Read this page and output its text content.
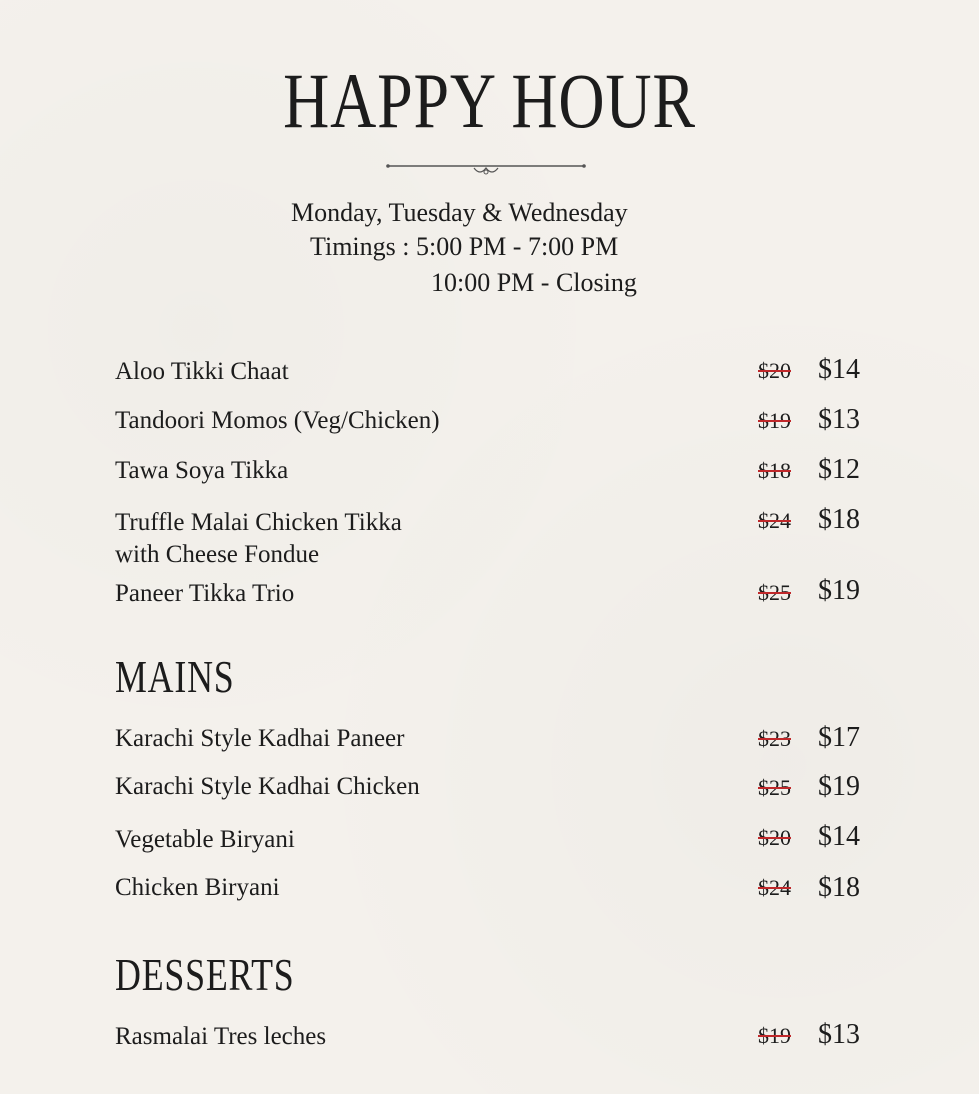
HAPPY HOUR
Monday, Tuesday & Wednesday
Timings : 5:00 PM - 7:00 PM
10:00 PM - Closing
Aloo Tikki Chaat	$20 $14
Tandoori Momos (Veg/Chicken)	$19 $13
Tawa Soya Tikka	$18 $12
Truffle Malai Chicken Tikka
with Cheese Fondue
$24 $18
Paneer Tikka Trio	$25 $19
MAINS
Karachi Style Kadhai Paneer	$23 $17
Karachi Style Kadhai Chicken	$25 $19
Vegetable Biryani	$20 $14
Chicken Biryani	$24 $18
DESSERTS
Rasmalai Tres leches	$19 $13
